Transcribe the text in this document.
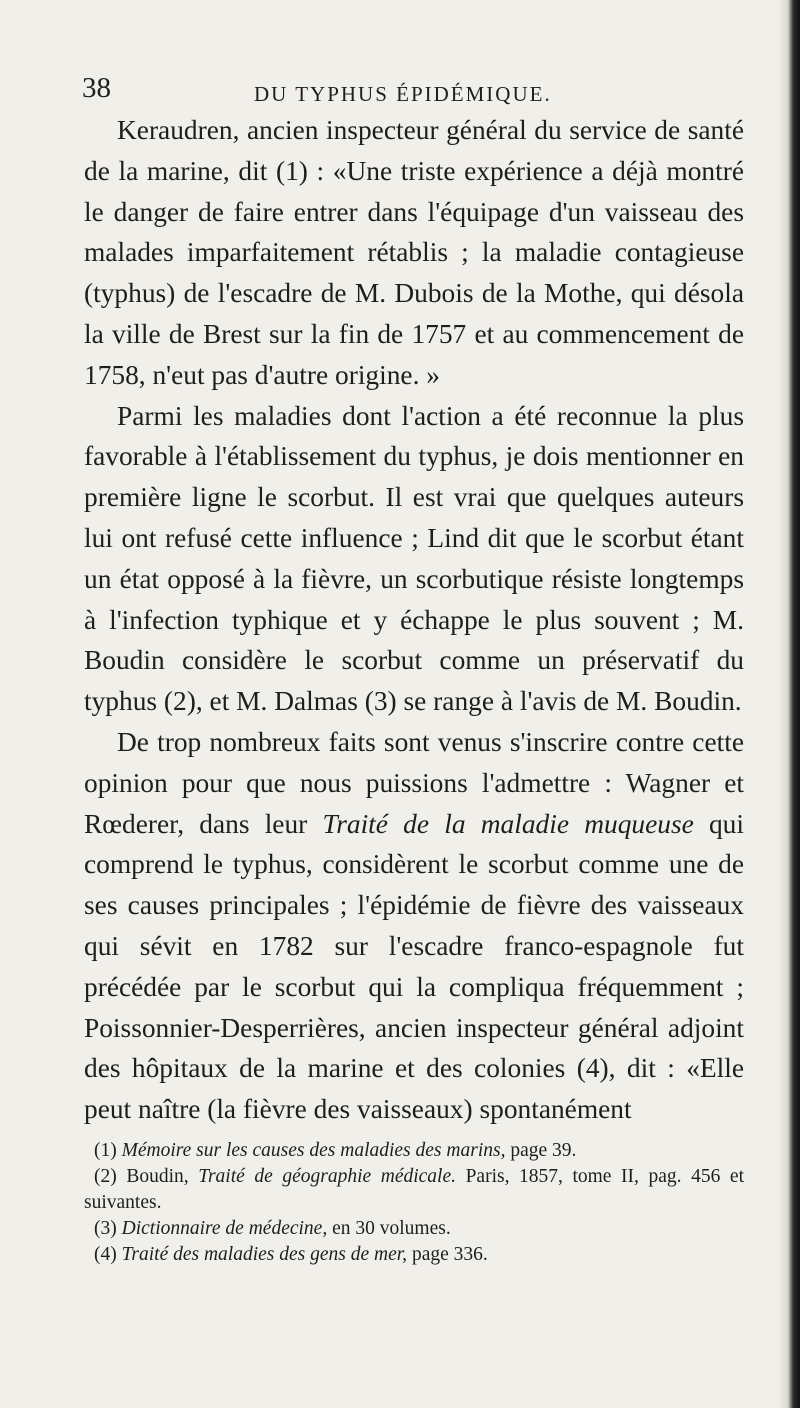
38	DU TYPHUS ÉPIDÉMIQUE.

Keraudren, ancien inspecteur général du service de santé de la marine, dit (1) : «Une triste expérience a déjà montré le danger de faire entrer dans l'équipage d'un vaisseau des malades imparfaitement rétablis ; la maladie contagieuse (typhus) de l'escadre de M. Dubois de la Mothe, qui désola la ville de Brest sur la fin de 1757 et au commencement de 1758, n'eut pas d'autre origine. »

Parmi les maladies dont l'action a été reconnue la plus favorable à l'établissement du typhus, je dois mentionner en première ligne le scorbut. Il est vrai que quelques auteurs lui ont refusé cette influence ; Lind dit que le scorbut étant un état opposé à la fièvre, un scorbutique résiste longtemps à l'infection typhique et y échappe le plus souvent ; M. Boudin considère le scorbut comme un préservatif du typhus (2), et M. Dalmas (3) se range à l'avis de M. Boudin.

De trop nombreux faits sont venus s'inscrire contre cette opinion pour que nous puissions l'admettre : Wagner et Rœderer, dans leur Traité de la maladie muqueuse qui comprend le typhus, considèrent le scorbut comme une de ses causes principales ; l'épidémie de fièvre des vaisseaux qui sévit en 1782 sur l'escadre franco-espagnole fut précédée par le scorbut qui la compliqua fréquemment ; Poissonnier-Desperrières, ancien inspecteur général adjoint des hôpitaux de la marine et des colonies (4), dit : «Elle peut naître (la fièvre des vaisseaux) spontanément

(1) Mémoire sur les causes des maladies des marins, page 39.

(2) Boudin, Traité de géographie médicale. Paris, 1857, tome II, pag. 456 et suivantes.

(3) Dictionnaire de médecine, en 30 volumes.

(4) Traité des maladies des gens de mer, page 336.
